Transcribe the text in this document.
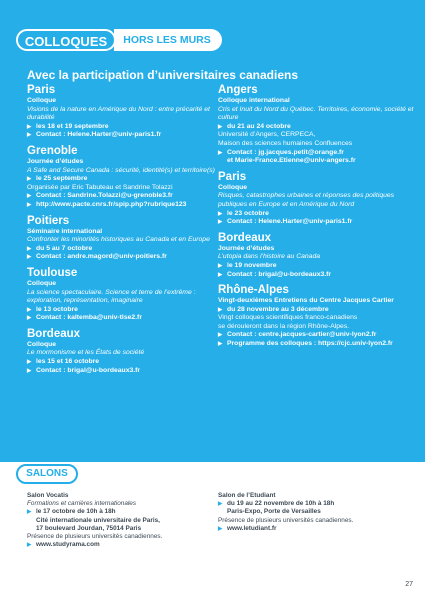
COLLOQUES	HORS LES MURS
Avec la participation d’universitaires canadiens
Paris
Colloque
Visions de la nature en Amérique du Nord : entre précarité et durabilité
▶ les 18 et 19 septembre
▶ Contact : Helene.Harter@univ-paris1.fr
Grenoble
Journée d’études
A Safe and Secure Canada : sécurité, identité(s) et territoire(s)
▶ le 25 septembre
Organisée par Eric Tabuteau et Sandrine Tolazzi
▶ Contact : Sandrine.Tolazzi@u-grenoble3.fr
▶ http://www.pacte.cnrs.fr/spip.php?rubrique123
Poitiers
Séminaire international
Confronter les minorités historiques au Canada et en Europe
▶ du 5 au 7 octobre
▶ Contact : andre.magord@univ-poitiers.fr
Toulouse
Colloque
La science spectaculaire. Science et terre de l’extrême : exploration, représentation, imaginaire
▶ le 13 octobre
▶ Contact : kaltemba@univ-tlse2.fr
Bordeaux
Colloque
Le mormonisme et les États de société
▶ les 15 et 16 octobre
▶ Contact : brigal@u-bordeaux3.fr
Angers
Colloque international
Cris et Inuit du Nord du Québec. Territoires, économie, société et culture
▶ du 21 au 24 octobre
Université d’Angers, CERPECA,
Maison des sciences humaines Confluences
▶ Contact : jg.jacques.petit@orange.fr
et Marie-France.Etienne@univ-angers.fr
Paris
Colloque
Risques, catastrophes urbaines et réponses des politiques publiques en Europe et en Amérique du Nord
▶ le 23 octobre
▶ Contact : Helene.Harter@univ-paris1.fr
Bordeaux
Journée d’études
L’utopia dans l’histoire au Canada
▶ le 19 novembre
▶ Contact : brigal@u-bordeaux3.fr
Rhône-Alpes
Vingt-deuxièmes Entretiens du Centre Jacques Cartier
▶ du 28 novembre au 3 décembre
Vingt colloques scientifiques franco-canadiens
se dérouleront dans la région Rhône-Alpes.
▶ Contact : centre.jacques-cartier@univ-lyon2.fr
▶ Programme des colloques : https://cjc.univ-lyon2.fr
SALONS
Salon Vocatis
Formations et carrières internationales
▶ le 17 octobre de 10h à 18h
Cité internationale universitaire de Paris,
17 boulevard Jourdan, 75014 Paris
Présence de plusieurs universités canadiennes.
▶ www.studyrama.com
Salon de l’Etudiant
▶ du 19 au 22 novembre de 10h à 18h
Paris-Expo, Porte de Versailles
Présence de plusieurs universités canadiennes.
▶ www.letudiant.fr
27
